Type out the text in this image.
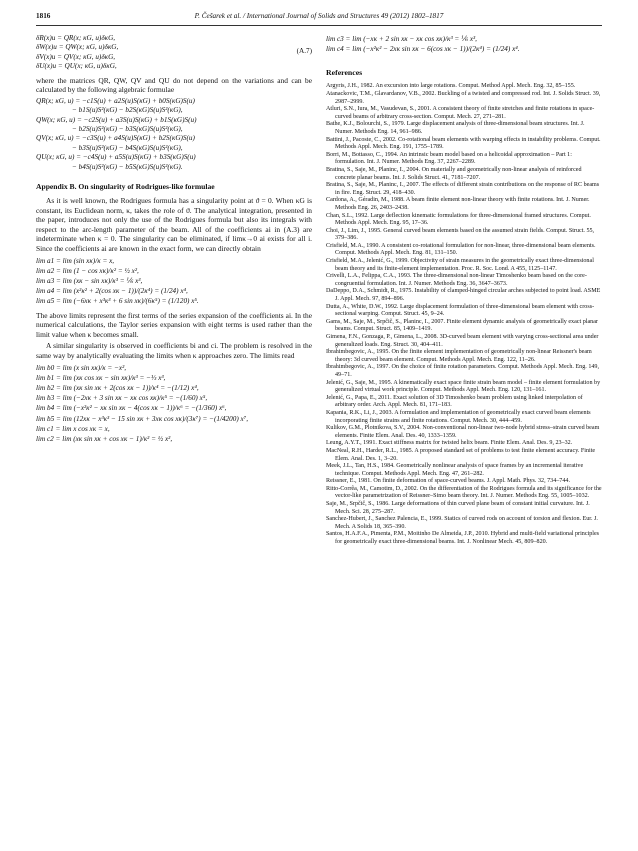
1816	P. Češarek et al. / International Journal of Solids and Structures 49 (2012) 1802–1817
δR(x)u = QR(x; κG, u)δκG,
δW(x)u = QW(x; κG, u)δκG,
δV(x)u = QV(x; κG, u)δκG,
δU(x)u = QU(x; κG, u)δκG,
(A.7)

where the matrices QR, QW, QV and QU do not depend on the variations and can be calculated by the following algebraic formulae

QR(x; κG, u) = −c1S(u) + a2S(u)S(κG) + b0S(κG)S(u)
− b1S(u)S²(κG) − b2S(κG)S(u)S²(κG),
QW(x; κG, u) = −c2S(u) + a3S(u)S(κG) + b1S(κG)S(u)
− b2S(u)S²(κG) − b3S(κG)S(u)S²(κG),
QV(x; κG, u) = −c3S(u) + a4S(u)S(κG) + b2S(κG)S(u)
− b3S(u)S²(κG) − b4S(κG)S(u)S²(κG),
QU(x; κG, u) = −c4S(u) + a5S(u)S(κG) + b3S(κG)S(u)
− b4S(u)S²(κG) − b5S(κG)S(u)S²(κG).
Appendix B. On singularity of Rodrigues-like formulae

As it is well known, the Rodrigues formula has a singularity point at ϑ = 0. When κG is constant, its Euclidean norm, κ, takes the role of ϑ. The analytical integration, presented in the paper, introduces not only the use of the Rodrigues formula but also its integrals with respect to the arc-length parameter of the beam. All of the coefficients ai in (A.3) are indeterminate when κ = 0. The singularity can be eliminated, if limκ→0 ai exists for all i. Since the coefficients ai are known in the exact form, we can directly obtain

lim a1 = lim (sin xκ)/κ = x,
lim a2 = lim (1 − cos xκ)/κ² = ½ x²,
lim a3 = lim (xκ − sin xκ)/κ³ = ⅙ x³,
lim a4 = lim (x²κ² + 2(cos xκ − 1))/(2κ⁴) = (1/24) x⁴,
lim a5 = lim (−6xκ + x³κ³ + 6 sin xκ)/(6κ⁵) = (1/120) x⁵.

The above limits represent the first terms of the series expansion of the coefficients ai. In the numerical calculations, the Taylor series expansion with eight terms is used rather than the limit value when κ becomes small.

A similar singularity is observed in coefficients bi and ci. The problem is resolved in the same way by analytically evaluating the limits when κ approaches zero. The limits read

lim b0 = lim (x sin xκ)/κ = −x²,
lim b1 = lim (xκ cos xκ − sin xκ)/κ³ = −⅓ x³,
lim b2 = lim (xκ sin xκ + 2(cos xκ − 1))/κ⁴ = −(1/12) x⁴,
lim b3 = lim (−2xκ + 3 sin xκ − xκ cos xκ)/κ⁵ = −(1/60) x⁵,
lim b4 = lim (−x²κ² − xκ sin xκ − 4(cos xκ − 1))/κ⁶ = −(1/360) x⁶,
lim b5 = lim (12xκ − x³κ³ − 15 sin xκ + 3xκ cos xκ)/(3κ⁷) = −(1/4200) x⁷,
lim c1 = lim x cos xκ = x,
lim c2 = lim (xκ sin xκ + cos xκ − 1)/κ² = ½ x²,
lim c3 = lim (−xκ + 2 sin xκ − xκ cos xκ)/κ³ = ⅙ x³,
lim c4 = lim (−x²κ² − 2xκ sin xκ − 6(cos xκ − 1))/(2κ⁴) = (1/24) x⁴.
References

Argyris, J.H., 1982. An excursion into large rotations. Comput. Method Appl. Mech. Eng. 32, 85–155.

Atanackovic, T.M., Glavardanov, V.B., 2002. Buckling of a twisted and compressed rod. Int. J. Solids Struct. 39, 2987–2999.

Atluri, S.N., Iura, M., Vasudevan, S., 2001. A consistent theory of finite stretches and finite rotations in space-curved beams of arbitrary cross-section. Comput. Mech. 27, 271–281.

Bathe, K.J., Bolourchi, S., 1979. Large displacement analysis of three-dimensional beam structures. Int. J. Numer. Methods Eng. 14, 961–986.

Battini, J., Pacoste, C., 2002. Co-rotational beam elements with warping effects in instability problems. Comput. Methods Appl. Mech. Eng. 191, 1755–1789.

Borri, M., Bottasso, C., 1994. An intrinsic beam model based on a helicoidal approximation – Part 1: formulation. Int. J. Numer. Methods Eng. 37, 2267–2289.

Bratina, S., Saje, M., Planinc, I., 2004. On materially and geometrically non-linear analysis of reinforced concrete planar beams. Int. J. Solids Struct. 41, 7181–7207.

Bratina, S., Saje, M., Planinc, I., 2007. The effects of different strain contributions on the response of RC beams in fire. Eng. Struct. 29, 418–430.

Cardona, A., Géradin, M., 1988. A beam finite element non-linear theory with finite rotations. Int. J. Numer. Methods Eng. 26, 2403–2438.

Chan, S.L., 1992. Large deflection kinematic formulations for three-dimensional framed structures. Comput. Methods Appl. Mech. Eng. 95, 17–36.

Choi, J., Lim, J., 1995. General curved beam elements based on the assumed strain fields. Comput. Struct. 55, 379–386.

Crisfield, M.A., 1990. A consistent co-rotational formulation for non-linear, three-dimensional beam elements. Comput. Methods Appl. Mech. Eng. 81, 131–150.

Crisfield, M.A., Jelenić, G., 1999. Objectivity of strain measures in the geometrically exact three-dimensional beam theory and its finite-element implementation. Proc. R. Soc. Lond. A 455, 1125–1147.

Crivelli, L.A., Felippa, C.A., 1993. The three-dimensional non-linear Timoshenko beam based on the core-congruential formulation. Int. J. Numer. Methods Eng. 36, 3647–3673.

DaDeppo, D.A., Schmidt, R., 1975. Instability of clamped-hinged circular arches subjected to point load. ASME J. Appl. Mech. 97, 894–896.

Dutta, A., White, D.W., 1992. Large displacement formulation of three-dimensional beam element with cross-sectional warping. Comput. Struct. 45, 9–24.

Gams, M., Saje, M., Srpčič, S., Planinc, I., 2007. Finite element dynamic analysis of geometrically exact planar beams. Comput. Struct. 85, 1409–1419.

Gimena, F.N., Gonzaga, P., Gimena, L., 2008. 3D-curved beam element with varying cross-sectional area under generalized loads. Eng. Struct. 30, 404–411.

Ibrahimbegovic, A., 1995. On the finite element implementation of geometrically non-linear Reissner's beam theory: 3d curved beam element. Comput. Methods Appl. Mech. Eng. 122, 11–26.

Ibrahimbegovic, A., 1997. On the choice of finite rotation parameters. Comput. Methods Appl. Mech. Eng. 149, 49–71.

Jelenić, G., Saje, M., 1995. A kinematically exact space finite strain beam model – finite element formulation by generalized virtual work principle. Comput. Methods Appl. Mech. Eng. 120, 131–161.

Jelenić, G., Papa, E., 2011. Exact solution of 3D Timoshenko beam problem using linked interpolation of arbitrary order. Arch. Appl. Mech. 81, 171–183.

Kapania, R.K., Li, J., 2003. A formulation and implementation of geometrically exact curved beam elements incorporating finite strains and finite rotations. Comput. Mech. 30, 444–459.

Kulikov, G.M., Plotnikova, S.V., 2004. Non-conventional non-linear two-node hybrid stress–strain curved beam elements. Finite Elem. Anal. Des. 40, 1333–1359.

Leung, A.Y.T., 1991. Exact stiffness matrix for twisted helix beam. Finite Elem. Anal. Des. 9, 23–32.

MacNeal, R.H., Harder, R.L., 1985. A proposed standard set of problems to test finite element accuracy. Finite Elem. Anal. Des. 1, 3–20.

Meek, J.L., Tan, H.S., 1984. Geometrically nonlinear analysis of space frames by an incremental iterative technique. Comput. Methods Appl. Mech. Eng. 47, 261–282.

Reissner, E., 1981. On finite deformation of space-curved beams. J. Appl. Math. Phys. 32, 734–744.

Ritto-Corrêa, M., Camotim, D., 2002. On the differentiation of the Rodrigues formula and its significance for the vector-like parametrization of Reissner–Simo beam theory. Int. J. Numer. Methods Eng. 55, 1005–1032.

Saje, M., Srpčič, S., 1986. Large deformations of thin curved plane beam of constant initial curvature. Int. J. Mech. Sci. 28, 275–287.

Sanchez-Hubert, J., Sanchez Palencia, E., 1999. Statics of curved rods on account of torsion and flexion. Eur. J. Mech. A Solids 18, 365–390.

Santos, H.A.F.A., Pimenta, P.M., Moitinho De Almeida, J.P., 2010. Hybrid and multi-field variational principles for geometrically exact three-dimensional beams. Int. J. Nonlinear Mech. 45, 809–820.
